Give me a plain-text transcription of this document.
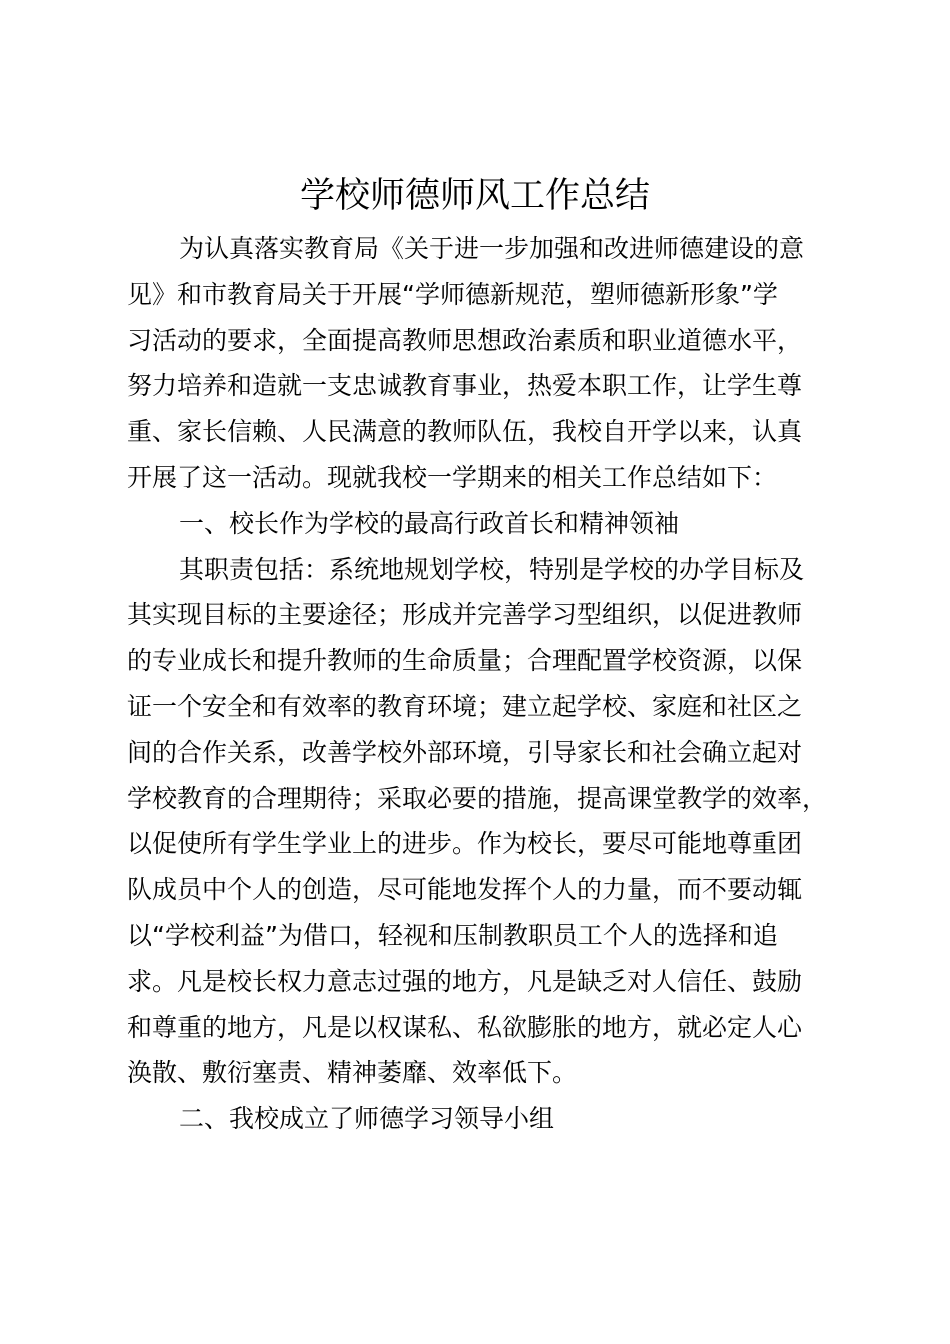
学校师德师风工作总结
为认真落实教育局《关于进一步加强和改进师德建设的意
见》和市教育局关于开展“学师德新规范，塑师德新形象”学
习活动的要求，全面提高教师思想政治素质和职业道德水平，
努力培养和造就一支忠诚教育事业，热爱本职工作，让学生尊
重、家长信赖、人民满意的教师队伍，我校自开学以来，认真
开展了这一活动。现就我校一学期来的相关工作总结如下：
一、校长作为学校的最高行政首长和精神领袖
其职责包括：系统地规划学校，特别是学校的办学目标及
其实现目标的主要途径；形成并完善学习型组织，以促进教师
的专业成长和提升教师的生命质量；合理配置学校资源，以保
证一个安全和有效率的教育环境；建立起学校、家庭和社区之
间的合作关系，改善学校外部环境，引导家长和社会确立起对
学校教育的合理期待；采取必要的措施，提高课堂教学的效率，
以促使所有学生学业上的进步。作为校长，要尽可能地尊重团
队成员中个人的创造，尽可能地发挥个人的力量，而不要动辄
以“学校利益”为借口，轻视和压制教职员工个人的选择和追
求。凡是校长权力意志过强的地方，凡是缺乏对人信任、鼓励
和尊重的地方，凡是以权谋私、私欲膨胀的地方，就必定人心
涣散、敷衍塞责、精神萎靡、效率低下。
二、我校成立了师德学习领导小组
